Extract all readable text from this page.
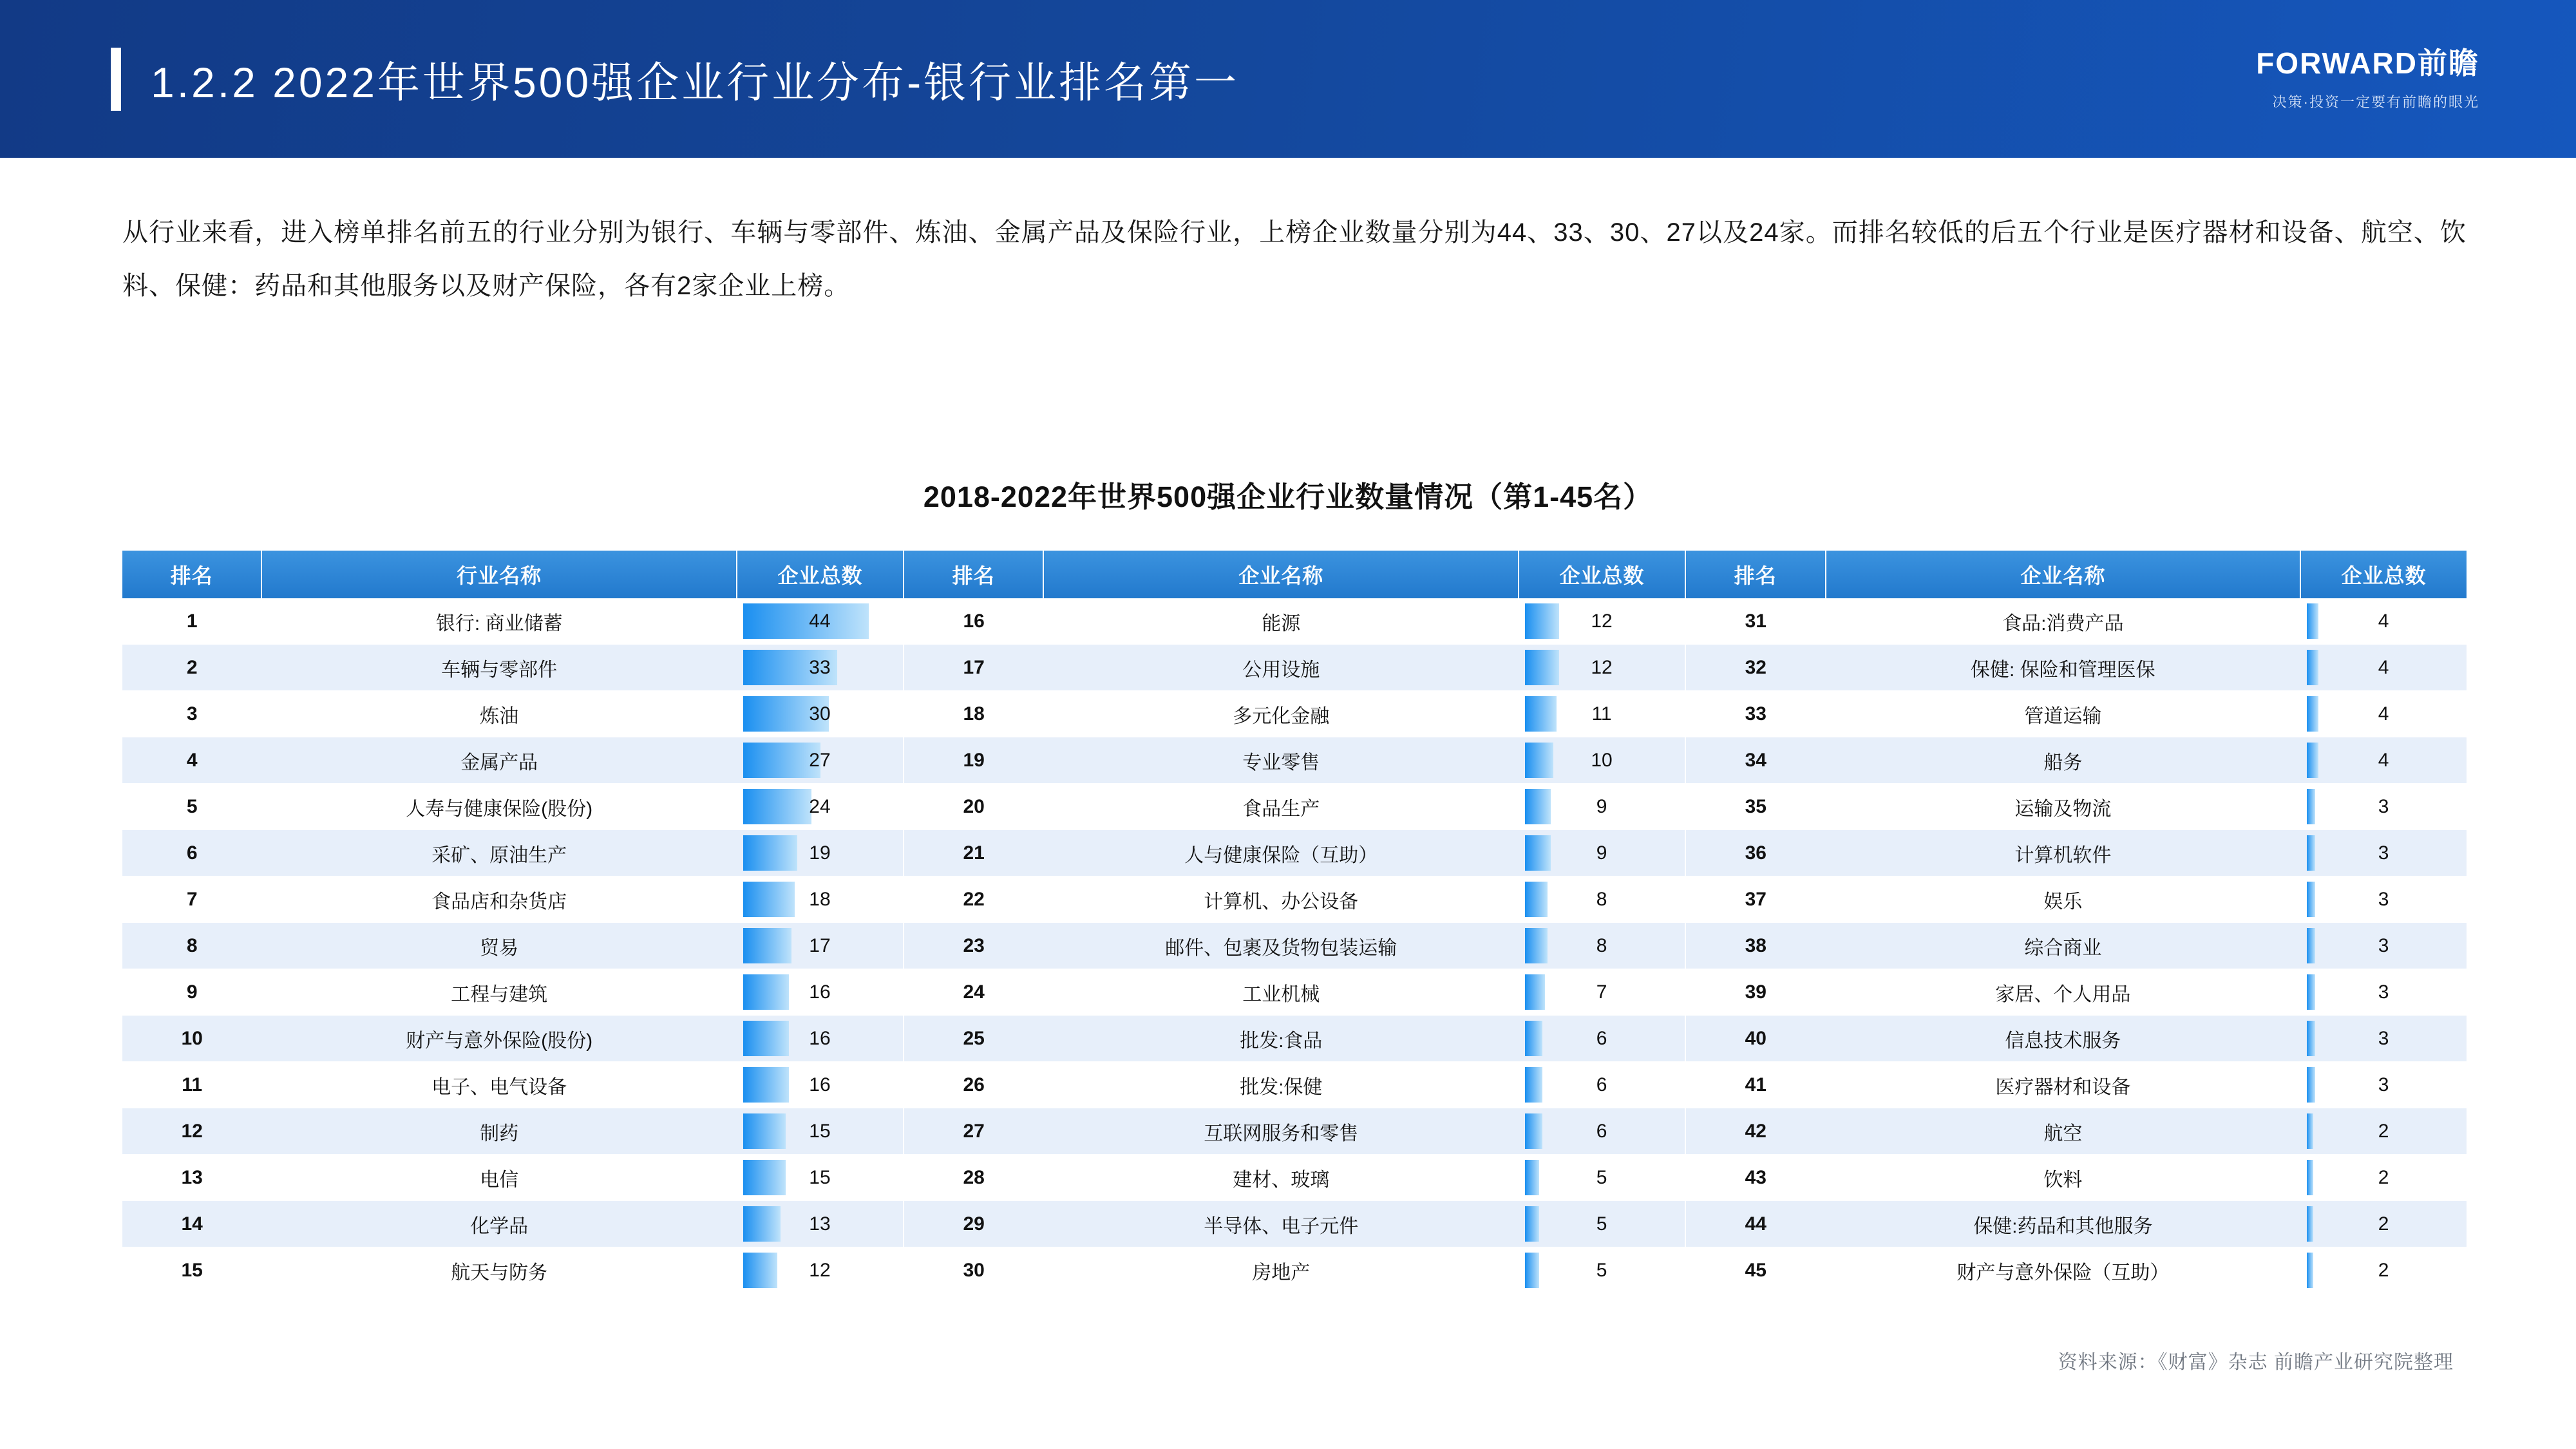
1.2.2 2022年世界500强企业行业分布-银行业排名第一	FORWARD前瞻
决策·投资一定要有前瞻的眼光
从行业来看，进入榜单排名前五的行业分别为银行、车辆与零部件、炼油、金属产品及保险行业，上榜企业数量分别为44、33、30、27以及24家。而排名较低的后五个行业是医疗器材和设备、航空、饮料、保健：药品和其他服务以及财产保险，各有2家企业上榜。
2018-2022年世界500强企业行业数量情况（第1-45名）
排名	行业名称	企业总数	排名	企业名称	企业总数	排名	企业名称	企业总数
1	银行: 商业储蓄	44	16	能源	12	31	食品:消费产品	4

2	车辆与零部件	33	17	公用设施	12	32	保健: 保险和管理医保	4

3	炼油	30	18	多元化金融	11	33	管道运输	4

4	金属产品	27	19	专业零售	10	34	船务	4

5	人寿与健康保险(股份)	24	20	食品生产	9	35	运输及物流	3

6	采矿、原油生产	19	21	人与健康保险（互助）	9	36	计算机软件	3

7	食品店和杂货店	18	22	计算机、办公设备	8	37	娱乐	3

8	贸易	17	23	邮件、包裹及货物包装运输	8	38	综合商业	3

9	工程与建筑	16	24	工业机械	7	39	家居、个人用品	3

10	财产与意外保险(股份)	16	25	批发:食品	6	40	信息技术服务	3

11	电子、电气设备	16	26	批发:保健	6	41	医疗器材和设备	3

12	制药	15	27	互联网服务和零售	6	42	航空	2

13	电信	15	28	建材、玻璃	5	43	饮料	2

14	化学品	13	29	半导体、电子元件	5	44	保健:药品和其他服务	2

15	航天与防务	12	30	房地产	5	45	财产与意外保险（互助）	2
资料来源：《财富》杂志 前瞻产业研究院整理
